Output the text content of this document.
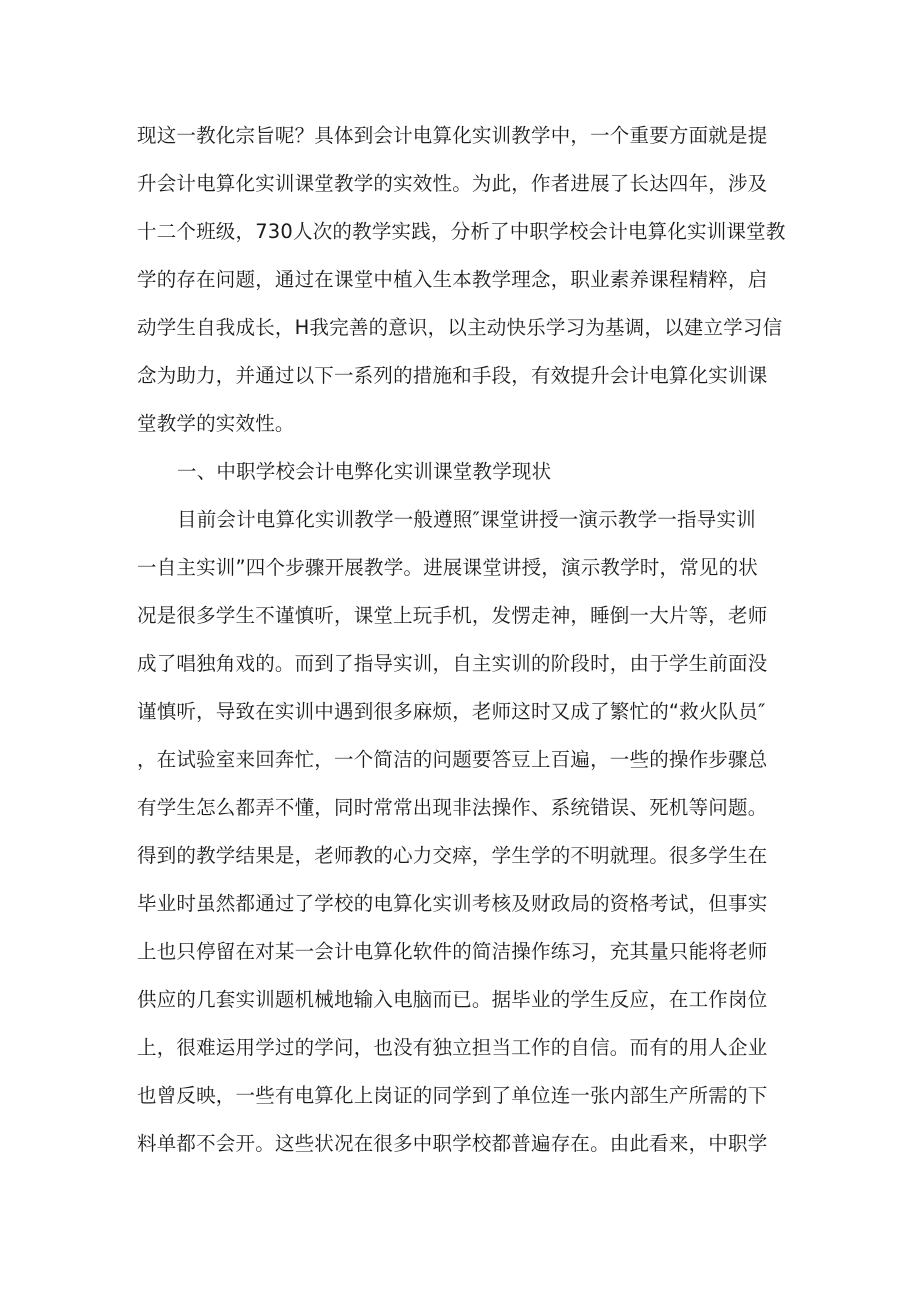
现这一教化宗旨呢？具体到会计电算化实训教学中，一个重要方面就是提
升会计电算化实训课堂教学的实效性。为此，作者进展了长达四年，涉及
十二个班级，730人次的教学实践，分析了中职学校会计电算化实训课堂教
学的存在问题，通过在课堂中植入生本教学理念，职业素养课程精粹，启
动学生自我成长，H我完善的意识，以主动快乐学习为基调，以建立学习信
念为助力，并通过以下一系列的措施和手段，有效提升会计电算化实训课
堂教学的实效性。
一、中职学校会计电弊化实训课堂教学现状
目前会计电算化实训教学一般遵照″课堂讲授一演示教学一指导实训
一自主实训”四个步骤开展教学。进展课堂讲授，演示教学时，常见的状
况是很多学生不谨慎听，课堂上玩手机，发愣走神，睡倒一大片等，老师
成了唱独角戏的。而到了指导实训，自主实训的阶段时，由于学生前面没
谨慎听，导致在实训中遇到很多麻烦，老师这时又成了繁忙的“救火队员″
，在试验室来回奔忙，一个简洁的问题要答豆上百遍，一些的操作步骤总
有学生怎么都弄不懂，同时常常出现非法操作、系统错误、死机等问题。
得到的教学结果是，老师教的心力交瘁，学生学的不明就理。很多学生在
毕业时虽然都通过了学校的电算化实训考核及财政局的资格考试，但事实
上也只停留在对某一会计电算化软件的简洁操作练习，充其量只能将老师
供应的几套实训题机械地输入电脑而已。据毕业的学生反应，在工作岗位
上，很难运用学过的学问，也没有独立担当工作的自信。而有的用人企业
也曾反映，一些有电算化上岗证的同学到了单位连一张内部生产所需的下
料单都不会开。这些状况在很多中职学校都普遍存在。由此看来，中职学
